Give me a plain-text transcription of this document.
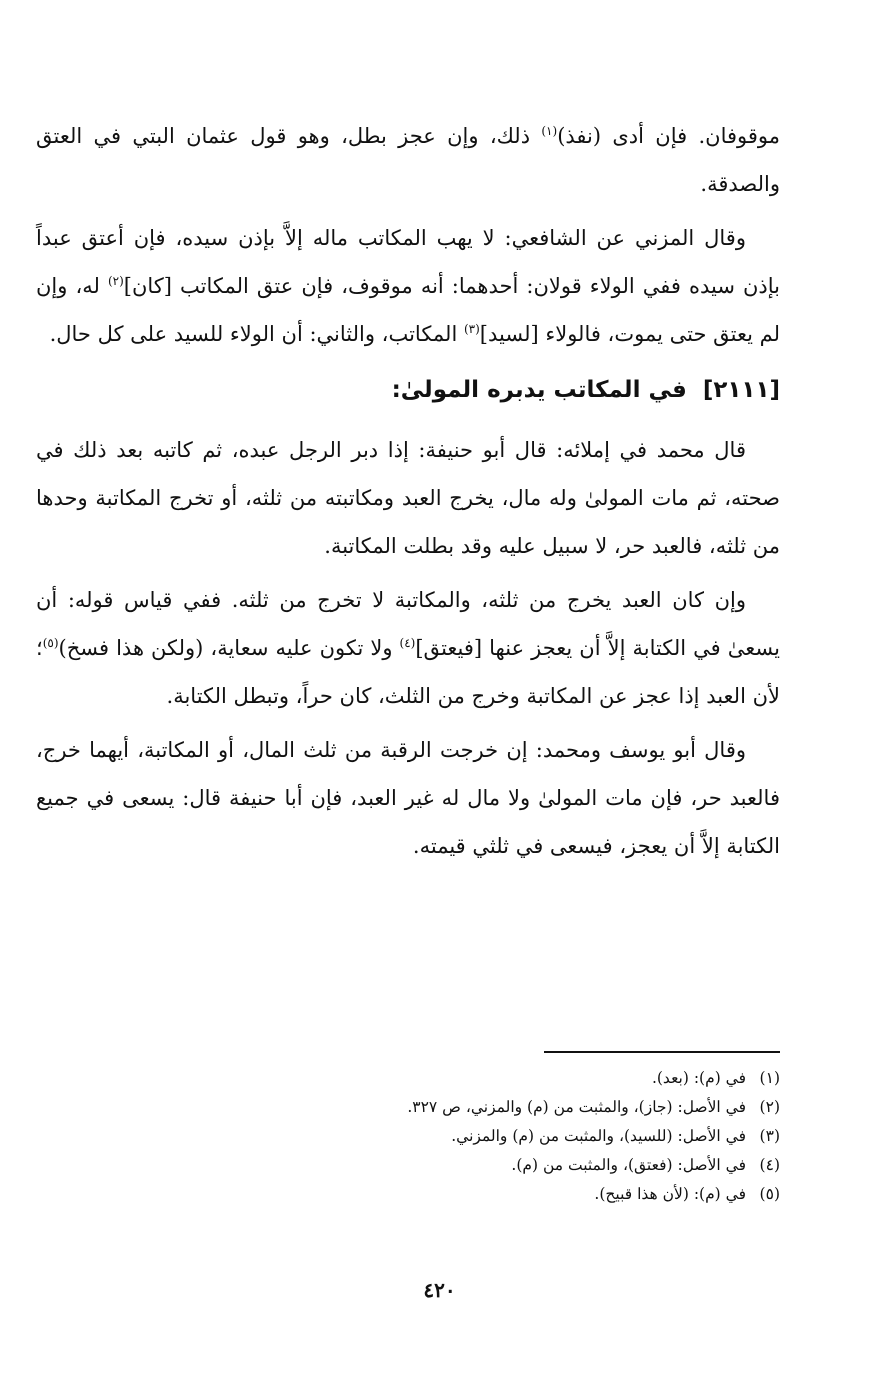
موقوفان. فإن أدى (نفذ)$^{(١)}$ ذلك، وإن عجز بطل، وهو قول عثمان البتي في العتق والصدقة.

وقال المزني عن الشافعي: لا يهب المكاتب ماله إلاَّ بإذن سيده، فإن أعتق عبداً بإذن سيده ففي الولاء قولان: أحدهما: أنه موقوف، فإن عتق المكاتب [كان]$^{(٢)}$ له، وإن لم يعتق حتى يموت، فالولاء [لسيد]$^{(٣)}$ المكاتب، والثاني: أن الولاء للسيد على كل حال.

[٢١١١]  في المكاتب يدبره المولىٰ:

قال محمد في إملائه: قال أبو حنيفة: إذا دبر الرجل عبده، ثم كاتبه بعد ذلك في صحته، ثم مات المولىٰ وله مال، يخرج العبد ومكاتبته من ثلثه، أو تخرج المكاتبة وحدها من ثلثه، فالعبد حر، لا سبيل عليه وقد بطلت المكاتبة.

وإن كان العبد يخرج من ثلثه، والمكاتبة لا تخرج من ثلثه. ففي قياس قوله: أن يسعىٰ في الكتابة إلاَّ أن يعجز عنها [فيعتق]$^{(٤)}$ ولا تكون عليه سعاية، (ولكن هذا فسخ)$^{(٥)}$؛ لأن العبد إذا عجز عن المكاتبة وخرج من الثلث، كان حراً، وتبطل الكتابة.

وقال أبو يوسف ومحمد: إن خرجت الرقبة من ثلث المال، أو المكاتبة، أيهما خرج، فالعبد حر، فإن مات المولىٰ ولا مال له غير العبد، فإن أبا حنيفة قال: يسعى في جميع الكتابة إلاَّ أن يعجز، فيسعى في ثلثي قيمته.

(١)في (م): (بعد).

(٢)في الأصل: (جاز)، والمثبت من (م) والمزني، ص ٣٢٧.

(٣)في الأصل: (للسيد)، والمثبت من (م) والمزني.

(٤)في الأصل: (فعتق)، والمثبت من (م).

(٥)في (م): (لأن هذا قبيح).

٤٢٠
